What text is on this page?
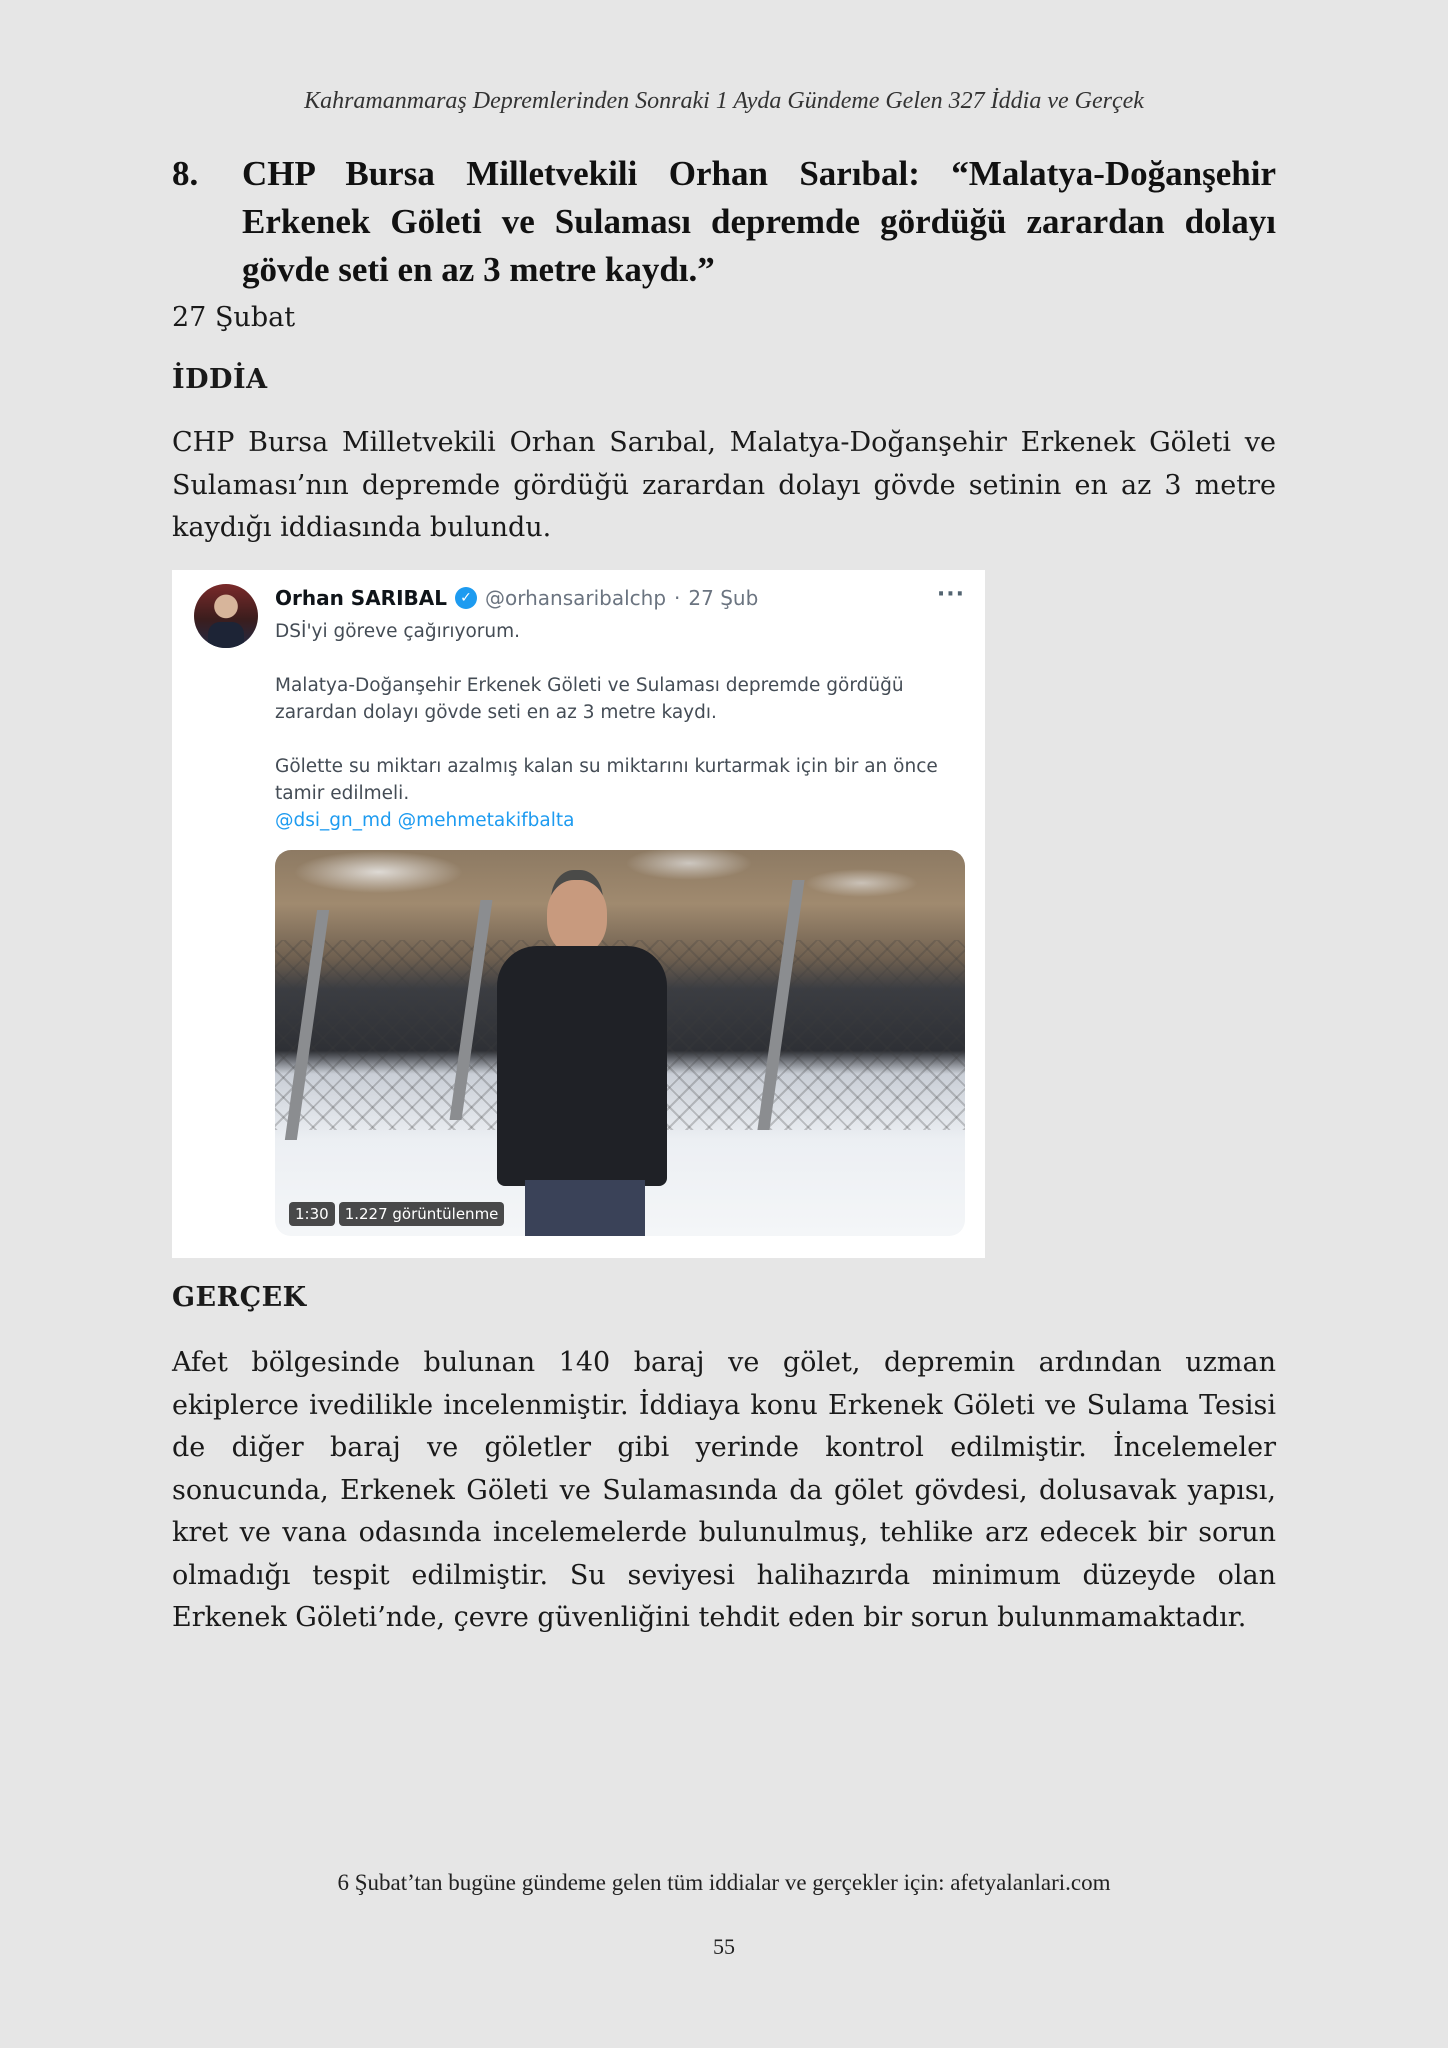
Kahramanmaraş Depremlerinden Sonraki 1 Ayda Gündeme Gelen 327 İddia ve Gerçek
8.	CHP Bursa Milletvekili Orhan Sarıbal: “Malatya-Doğanşehir Erkenek Göleti ve Sulaması depremde gördüğü zarardan dolayı gövde seti en az 3 metre kaydı.”
27 Şubat
İDDİA
CHP Bursa Milletvekili Orhan Sarıbal, Malatya-Doğanşehir Erkenek Göleti ve Sulaması’nın depremde gördüğü zarardan dolayı gövde setinin en az 3 metre kaydığı iddiasında bulundu.
Orhan SARIBAL ✓ @orhansaribalchp · 27 Şub	···

DSİ'yi göreve çağırıyorum.

Malatya-Doğanşehir Erkenek Göleti ve Sulaması depremde gördüğü zarardan dolayı gövde seti en az 3 metre kaydı.

Gölette su miktarı azalmış kalan su miktarını kurtarmak için bir an önce tamir edilmeli.

@dsi_gn_md @mehmetakifbalta

1:30	1.227 görüntülenme
GERÇEK
Afet bölgesinde bulunan 140 baraj ve gölet, depremin ardından uzman ekiplerce ivedilikle incelenmiştir. İddiaya konu Erkenek Göleti ve Sulama Tesisi de diğer baraj ve göletler gibi yerinde kontrol edilmiştir. İncelemeler sonucunda, Erkenek Göleti ve Sulamasında da gölet gövdesi, dolusavak yapısı, kret ve vana odasında incelemelerde bulunulmuş, tehlike arz edecek bir sorun olmadığı tespit edilmiştir. Su seviyesi halihazırda minimum düzeyde olan Erkenek Göleti’nde, çevre güvenliğini tehdit eden bir sorun bulunmamaktadır.
6 Şubat’tan bugüne gündeme gelen tüm iddialar ve gerçekler için: afetyalanlari.com
55
